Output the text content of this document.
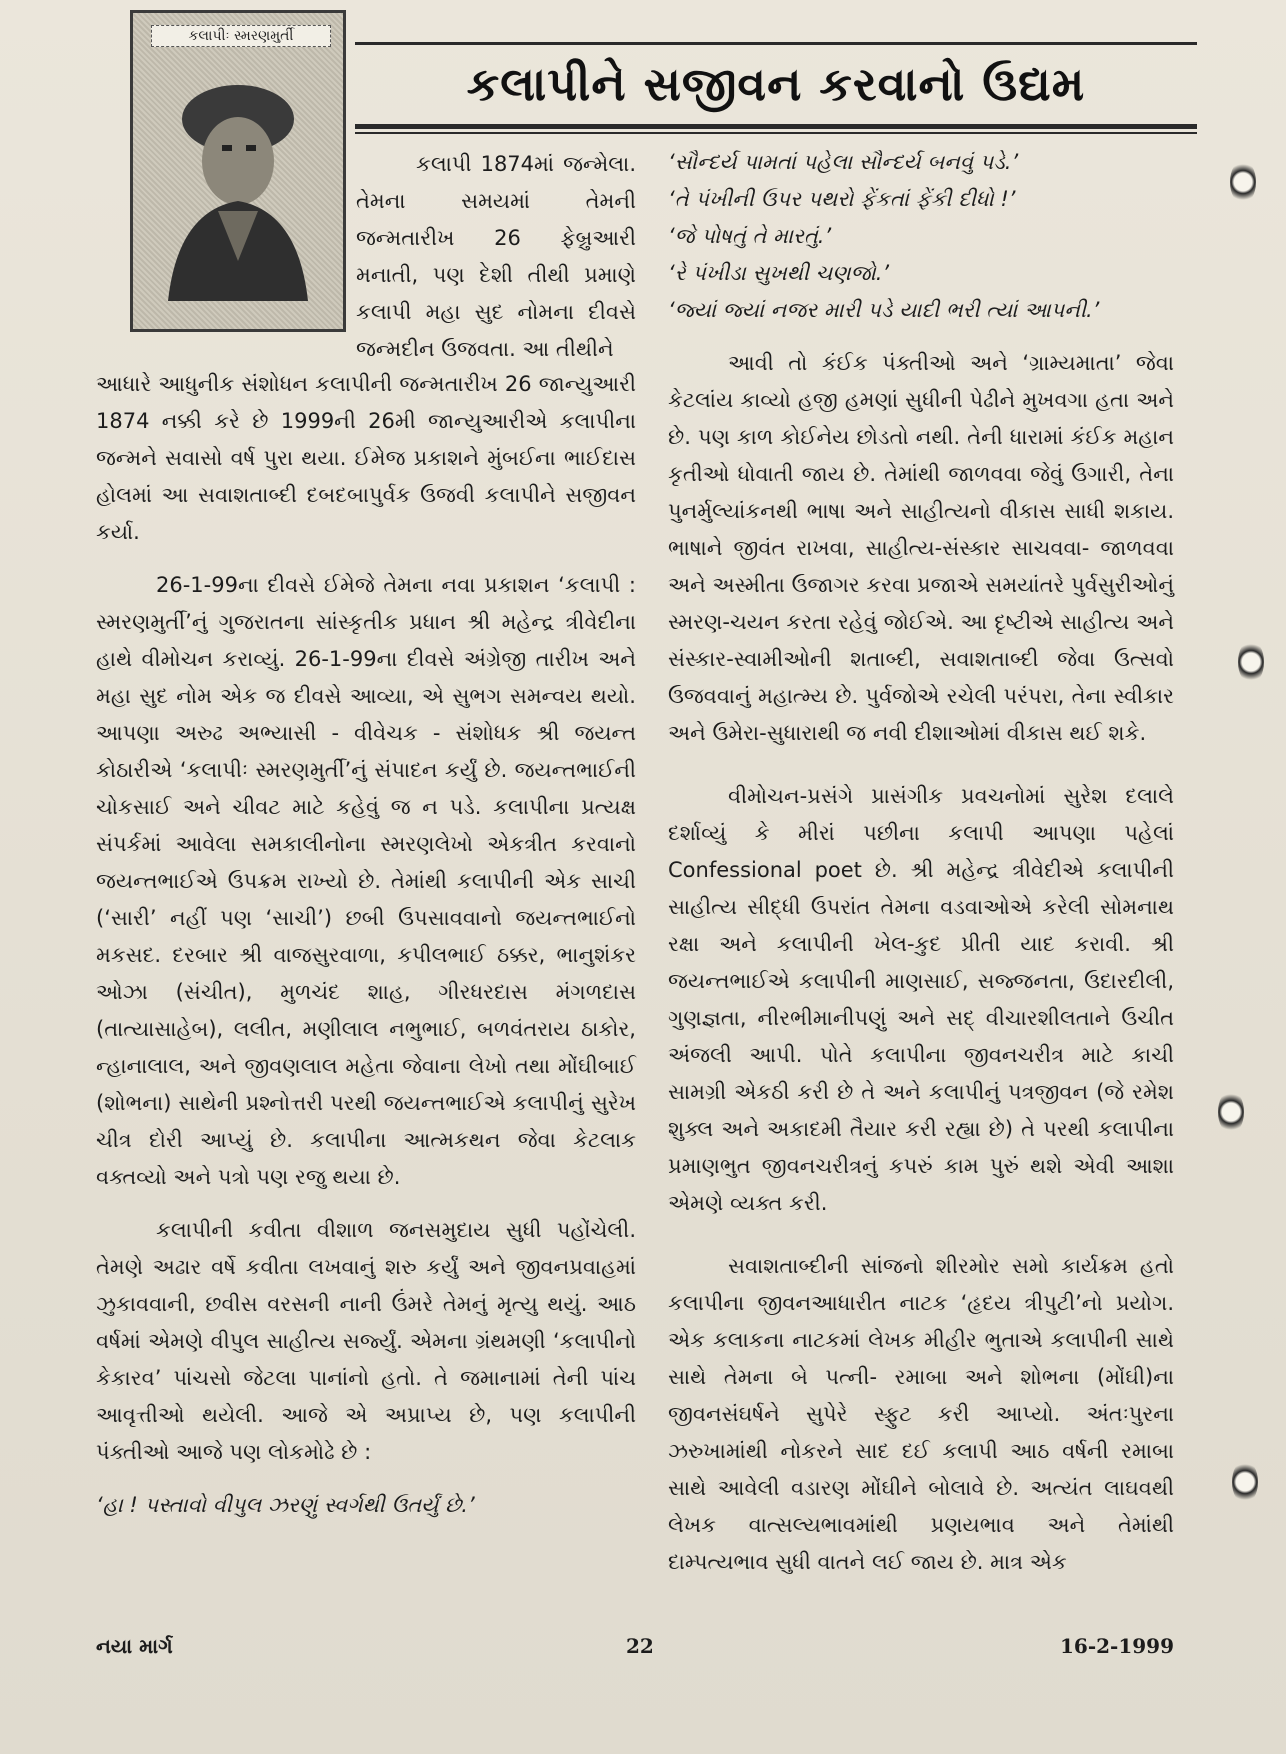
કલાપીઃ સ્મરણમુર્તી
કલાપીને સજીવન કરવાનો ઉદ્યમ

કલાપી 1874માં જન્મેલા. તેમના સમયમાં તેમની જન્મતારીખ 26 ફેબ્રુઆરી મનાતી, પણ દેશી તીથી પ્રમાણે કલાપી મહા સુદ નોમના દીવસે જન્મદીન ઉજવતા. આ તીથીને

આધારે આધુનીક સંશોધન કલાપીની જન્મતારીખ 26 જાન્યુઆરી 1874 નક્કી કરે છે 1999ની 26મી જાન્યુઆરીએ કલાપીના જન્મને સવાસો વર્ષ પુરા થયા. ઈમેજ પ્રકાશને મુંબઈના ભાઈદાસ હોલમાં આ સવાશતાબ્દી દબદબાપુર્વક ઉજવી કલાપીને સજીવન કર્યા.

26-1-99ના દીવસે ઈમેજે તેમના નવા પ્રકાશન ‘કલાપી : સ્મરણમુર્તી’નું ગુજરાતના સાંસ્કૃતીક પ્રધાન શ્રી મહેન્દ્ર ત્રીવેદીના હાથે વીમોચન કરાવ્યું. 26-1-99ના દીવસે અંગ્રેજી તારીખ અને મહા સુદ નોમ એક જ દીવસે આવ્યા, એ સુભગ સમન્વય થયો. આપણા અરુઢ અભ્યાસી - વીવેચક - સંશોધક શ્રી જયન્ત કોઠારીએ ‘કલાપીઃ સ્મરણમુર્તી’નું સંપાદન કર્યું છે. જયન્તભાઈની ચોકસાઈ અને ચીવટ માટે કહેવું જ ન પડે. કલાપીના પ્રત્યક્ષ સંપર્કમાં આવેલા સમકાલીનોના સ્મરણલેખો એકત્રીત કરવાનો જયન્તભાઈએ ઉપક્રમ રાખ્યો છે. તેમાંથી કલાપીની એક સાચી (‘સારી’ નહીં પણ ‘સાચી’) છબી ઉપસાવવાનો જયન્તભાઈનો મકસદ. દરબાર શ્રી વાજસુરવાળા, કપીલભાઈ ઠક્કર, ભાનુશંકર ઓઝા (સંચીત), મુળચંદ શાહ, ગીરધરદાસ મંગળદાસ (તાત્યાસાહેબ), લલીત, મણીલાલ નભુભાઈ, બળવંતરાય ઠાકોર, ન્હાનાલાલ, અને જીવણલાલ મહેતા જેવાના લેખો તથા મોંઘીબાઈ (શોભના) સાથેની પ્રશ્નોત્તરી પરથી જયન્તભાઈએ કલાપીનું સુરેખ ચીત્ર દોરી આપ્યું છે. કલાપીના આત્મકથન જેવા કેટલાક વક્તવ્યો અને પત્રો પણ રજુ થયા છે.

કલાપીની કવીતા વીશાળ જનસમુદાય સુધી પહોંચેલી. તેમણે અઢાર વર્ષે કવીતા લખવાનું શરુ કર્યું અને જીવનપ્રવાહમાં ઝુકાવવાની, છવીસ વરસની નાની ઉંમરે તેમનું મૃત્યુ થયું. આઠ વર્ષમાં એમણે વીપુલ સાહીત્ય સર્જ્યું. એમના ગ્રંથમણી ‘કલાપીનો કેકારવ’ પાંચસો જેટલા પાનાંનો હતો. તે જમાનામાં તેની પાંચ આવૃત્તીઓ થયેલી. આજે એ અપ્રાપ્ય છે, પણ કલાપીની પંક્તીઓ આજે પણ લોકમોઢે છે :

‘હા ! પસ્તાવો વીપુલ ઝરણું સ્વર્ગથી ઉતર્યું છે.’

‘સૌન્દર્ય પામતાં પહેલા સૌન્દર્ય બનવું પડે.’

‘તે પંખીની ઉપર પથરો ફેંકતાં ફેંકી દીધો !’

‘જે પોષતું તે મારતું.’

‘રે પંખીડા સુખથી ચણજો.’

‘જ્યાં જ્યાં નજર મારી પડે યાદી ભરી ત્યાં આપની.’

આવી તો કંઈક પંક્તીઓ અને ‘ગ્રામ્યમાતા’ જેવા કેટલાંય કાવ્યો હજી હમણાં સુધીની પેઢીને મુખવગા હતા અને છે. પણ કાળ કોઈનેય છોડતો નથી. તેની ધારામાં કંઈક મહાન કૃતીઓ ધોવાતી જાય છે. તેમાંથી જાળવવા જેવું ઉગારી, તેના પુનર્મુલ્યાંકનથી ભાષા અને સાહીત્યનો વીકાસ સાધી શકાય. ભાષાને જીવંત રાખવા, સાહીત્ય-સંસ્કાર સાચવવા- જાળવવા અને અસ્મીતા ઉજાગર કરવા પ્રજાએ સમયાંતરે પુર્વસુરીઓનું સ્મરણ-ચયન કરતા રહેવું જોઈએ. આ દૃષ્ટીએ સાહીત્ય અને સંસ્કાર-સ્વામીઓની શતાબ્દી, સવાશતાબ્દી જેવા ઉત્સવો ઉજવવાનું મહાત્મ્ય છે. પુર્વજોએ રચેલી પરંપરા, તેના સ્વીકાર અને ઉમેરા-સુધારાથી જ નવી દીશાઓમાં વીકાસ થઈ શકે.

વીમોચન-પ્રસંગે પ્રાસંગીક પ્રવચનોમાં સુરેશ દલાલે દર્શાવ્યું કે મીરાં પછીના કલાપી આપણા પહેલાં Confessional poet છે. શ્રી મહેન્દ્ર ત્રીવેદીએ કલાપીની સાહીત્ય સીદ્ધી ઉપરાંત તેમના વડવાઓએ કરેલી સોમનાથ રક્ષા અને કલાપીની ખેલ-કુદ પ્રીતી યાદ કરાવી. શ્રી જયન્તભાઈએ કલાપીની માણસાઈ, સજ્જનતા, ઉદારદીલી, ગુણજ્ઞતા, નીરભીમાનીપણું અને સદ્ વીચારશીલતાને ઉચીત અંજલી આપી. પોતે કલાપીના જીવનચરીત્ર માટે કાચી સામગ્રી એકઠી કરી છે તે અને કલાપીનું પત્રજીવન (જે રમેશ શુક્લ અને અકાદમી તૈયાર કરી રહ્યા છે) તે પરથી કલાપીના પ્રમાણભુત જીવનચરીત્રનું કપરું કામ પુરું થશે એવી આશા એમણે વ્યક્ત કરી.

સવાશતાબ્દીની સાંજનો શીરમોર સમો કાર્યક્રમ હતો કલાપીના જીવનઆધારીત નાટક ‘હૃદય ત્રીપુટી’નો પ્રયોગ. એક કલાકના નાટકમાં લેખક મીહીર ભુતાએ કલાપીની સાથે સાથે તેમના બે પત્ની- રમાબા અને શોભના (મોંઘી)ના જીવનસંઘર્ષને સુપેરે સ્ફુટ કરી આપ્યો. અંતઃપુરના ઝરુખામાંથી નોકરને સાદ દઈ કલાપી આઠ વર્ષની રમાબા સાથે આવેલી વડારણ મોંઘીને બોલાવે છે. અત્યંત લાઘવથી લેખક વાત્સલ્યભાવમાંથી પ્રણયભાવ અને તેમાંથી દામ્પત્યભાવ સુધી વાતને લઈ જાય છે. માત્ર એક

નયા માર્ગ	22	16-2-1999
